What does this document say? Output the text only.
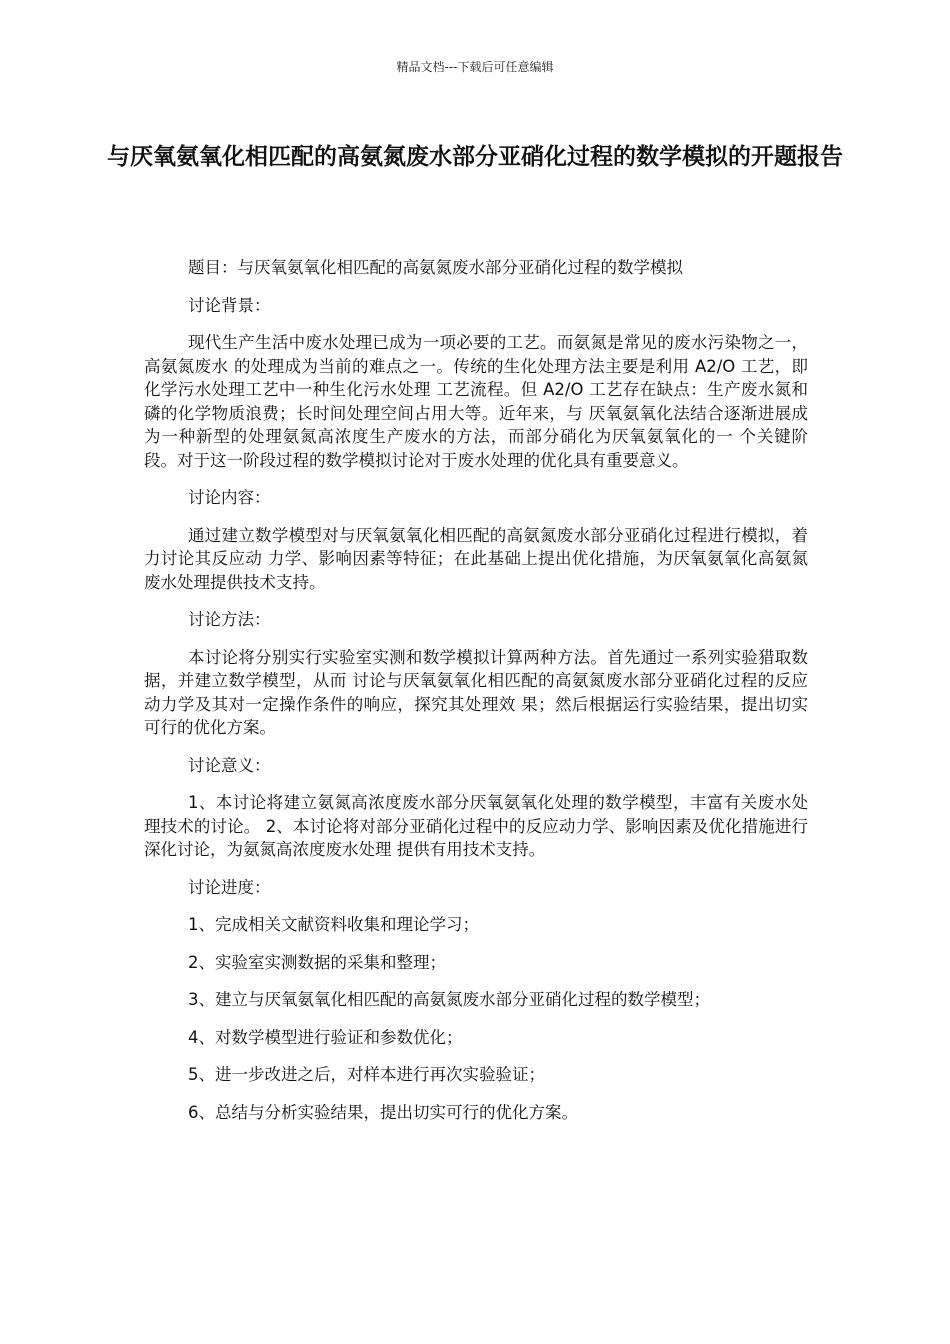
精品文档---下载后可任意编辑
与厌氧氨氧化相匹配的高氨氮废水部分亚硝化过程的数学模拟的开题报告

题目：与厌氧氨氧化相匹配的高氨氮废水部分亚硝化过程的数学模拟

讨论背景：

现代生产生活中废水处理已成为一项必要的工艺。而氨氮是常见的废水污染物之一，高氨氮废水 的处理成为当前的难点之一。传统的生化处理方法主要是利用 A2/O 工艺，即化学污水处理工艺中一种生化污水处理 工艺流程。但 A2/O 工艺存在缺点：生产废水氮和磷的化学物质浪费；长时间处理空间占用大等。近年来，与 厌氧氨氧化法结合逐渐进展成为一种新型的处理氨氮高浓度生产废水的方法，而部分硝化为厌氧氨氧化的一 个关键阶段。对于这一阶段过程的数学模拟讨论对于废水处理的优化具有重要意义。

讨论内容：

通过建立数学模型对与厌氧氨氧化相匹配的高氨氮废水部分亚硝化过程进行模拟，着力讨论其反应动 力学、影响因素等特征；在此基础上提出优化措施，为厌氧氨氧化高氨氮废水处理提供技术支持。

讨论方法：

本讨论将分别实行实验室实测和数学模拟计算两种方法。首先通过一系列实验猎取数据，并建立数学模型，从而 讨论与厌氧氨氧化相匹配的高氨氮废水部分亚硝化过程的反应动力学及其对一定操作条件的响应，探究其处理效 果；然后根据运行实验结果，提出切实可行的优化方案。

讨论意义：

1、本讨论将建立氨氮高浓度废水部分厌氧氨氧化处理的数学模型，丰富有关废水处理技术的讨论。 2、本讨论将对部分亚硝化过程中的反应动力学、影响因素及优化措施进行深化讨论，为氨氮高浓度废水处理 提供有用技术支持。

讨论进度：

1、完成相关文献资料收集和理论学习；

2、实验室实测数据的采集和整理；

3、建立与厌氧氨氧化相匹配的高氨氮废水部分亚硝化过程的数学模型；

4、对数学模型进行验证和参数优化；

5、进一步改进之后，对样本进行再次实验验证；

6、总结与分析实验结果，提出切实可行的优化方案。
